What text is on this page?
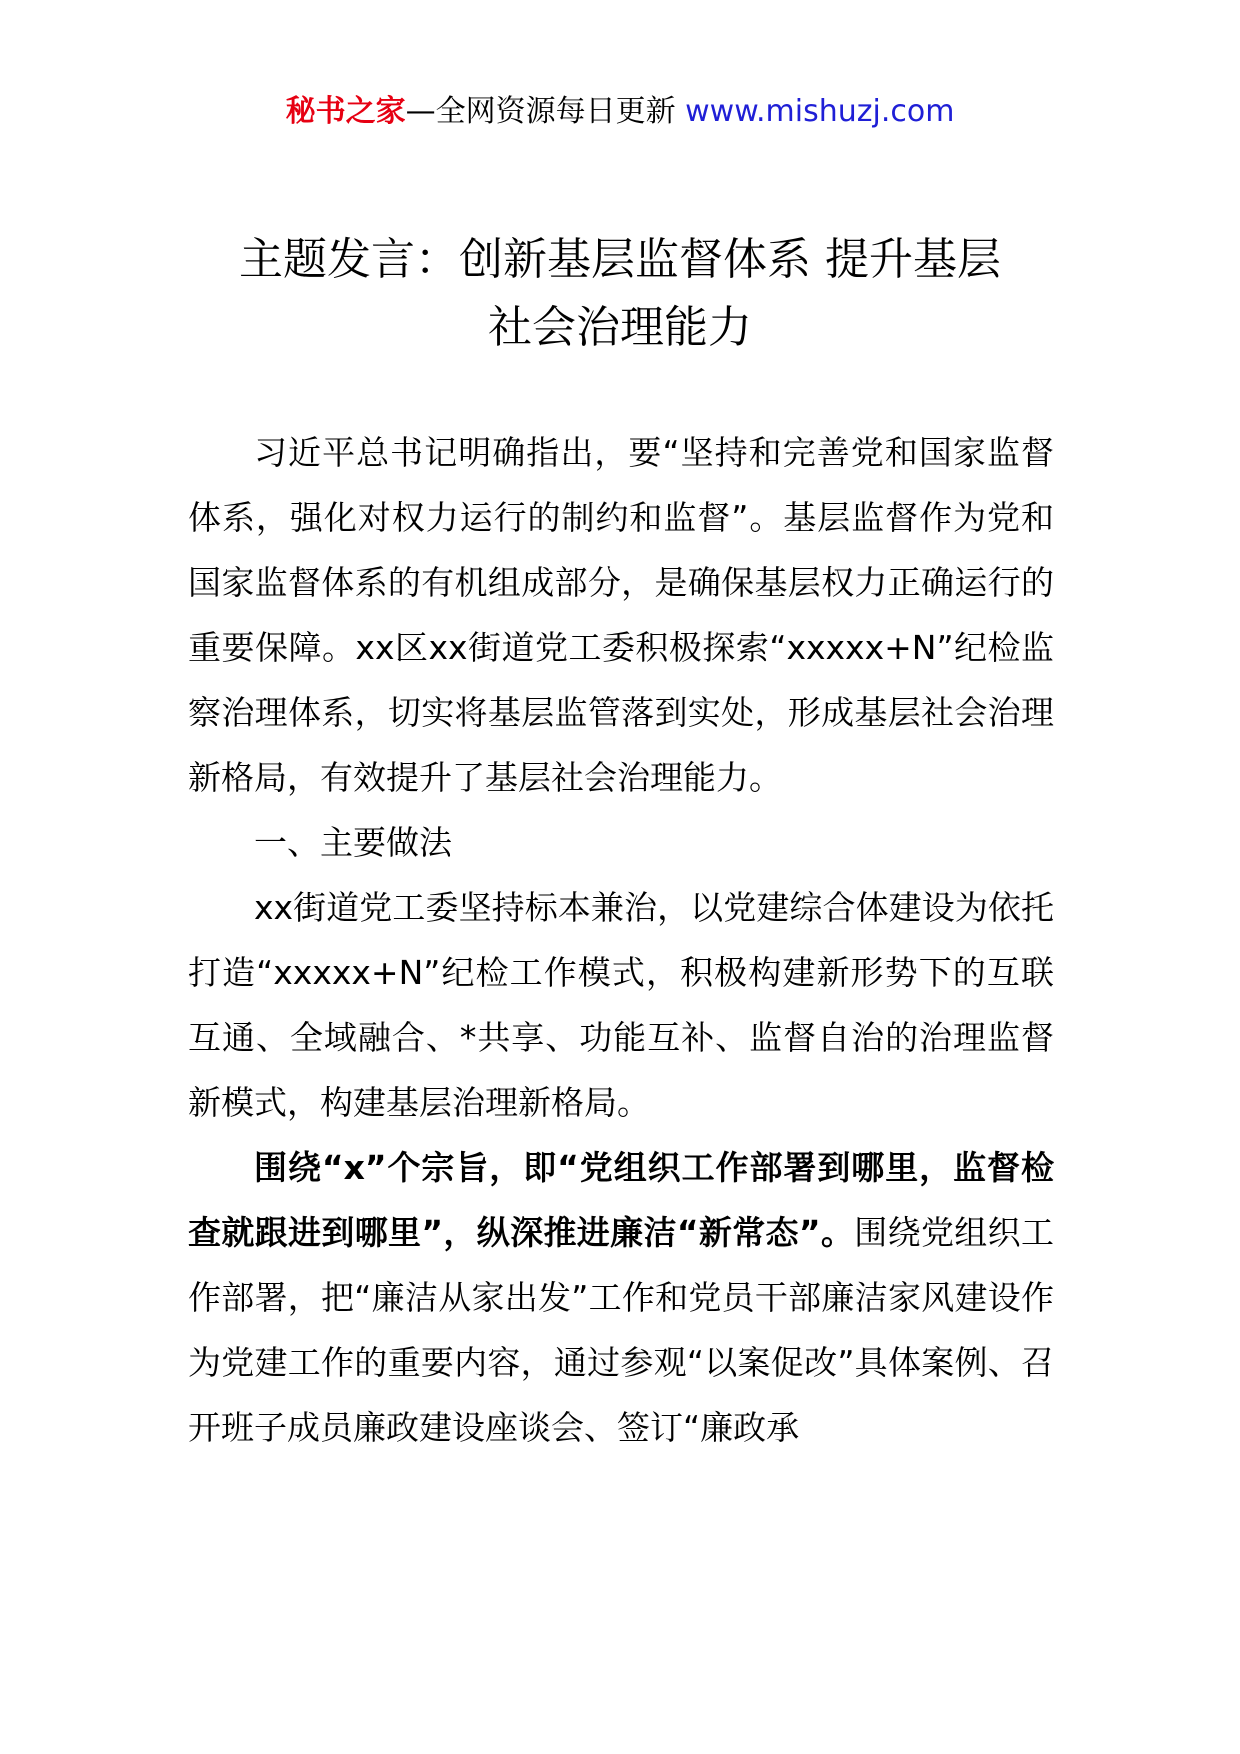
秘书之家—全网资源每日更新 www.mishuzj.com
主题发言：创新基层监督体系 提升基层
社会治理能力

习近平总书记明确指出，要“坚持和完善党和国家监督体系，强化对权力运行的制约和监督”。基层监督作为党和国家监督体系的有机组成部分，是确保基层权力正确运行的重要保障。xx区xx街道党工委积极探索“xxxxx+N”纪检监察治理体系，切实将基层监管落到实处，形成基层社会治理新格局，有效提升了基层社会治理能力。

一、主要做法

xx街道党工委坚持标本兼治，以党建综合体建设为依托打造“xxxxx+N”纪检工作模式，积极构建新形势下的互联互通、全域融合、*共享、功能互补、监督自治的治理监督新模式，构建基层治理新格局。

围绕“x”个宗旨，即“党组织工作部署到哪里，监督检查就跟进到哪里”，纵深推进廉洁“新常态”。围绕党组织工作部署，把“廉洁从家出发”工作和党员干部廉洁家风建设作为党建工作的重要内容，通过参观“以案促改”具体案例、召开班子成员廉政建设座谈会、签订“廉政承
